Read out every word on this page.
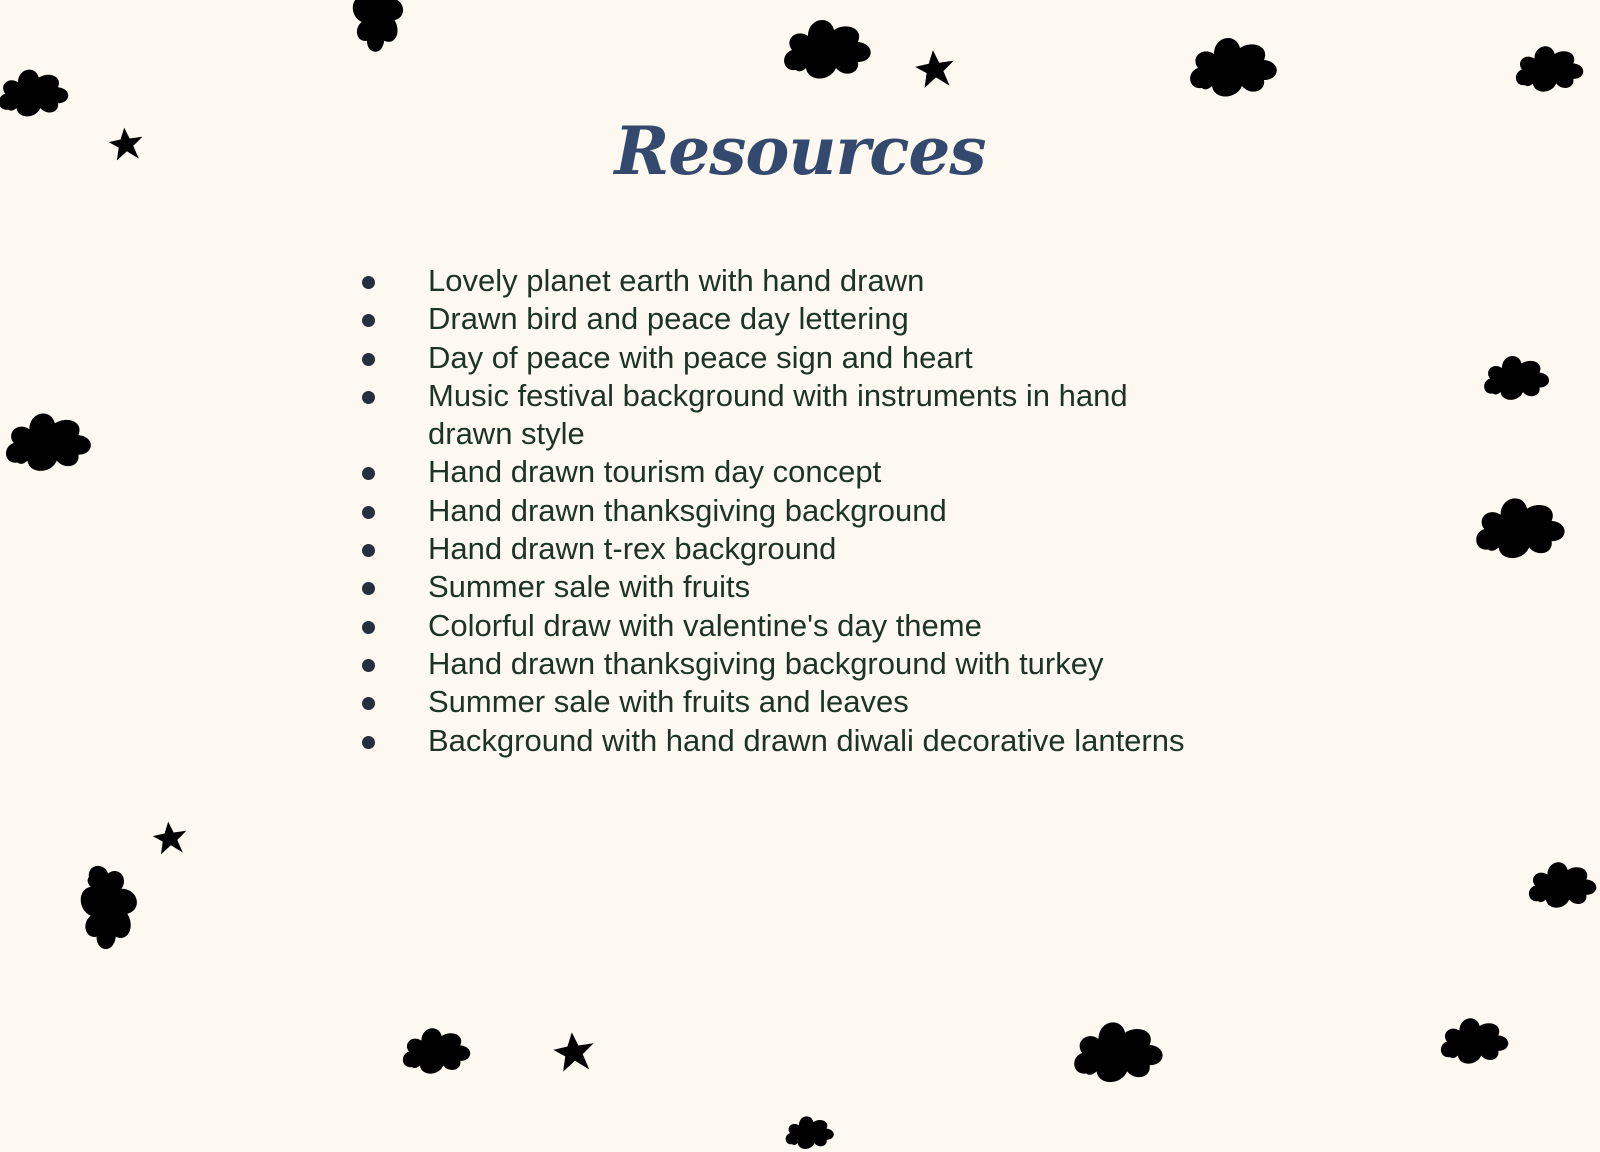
Resources
Lovely planet earth with hand drawn
Drawn bird and peace day lettering
Day of peace with peace sign and heart
Music festival background with instruments in hand drawn style
Hand drawn tourism day concept
Hand drawn thanksgiving background
Hand drawn t-rex background
Summer sale with fruits
Colorful draw with valentine's day theme
Hand drawn thanksgiving background with turkey
Summer sale with fruits and leaves
Background with hand drawn diwali decorative lanterns
